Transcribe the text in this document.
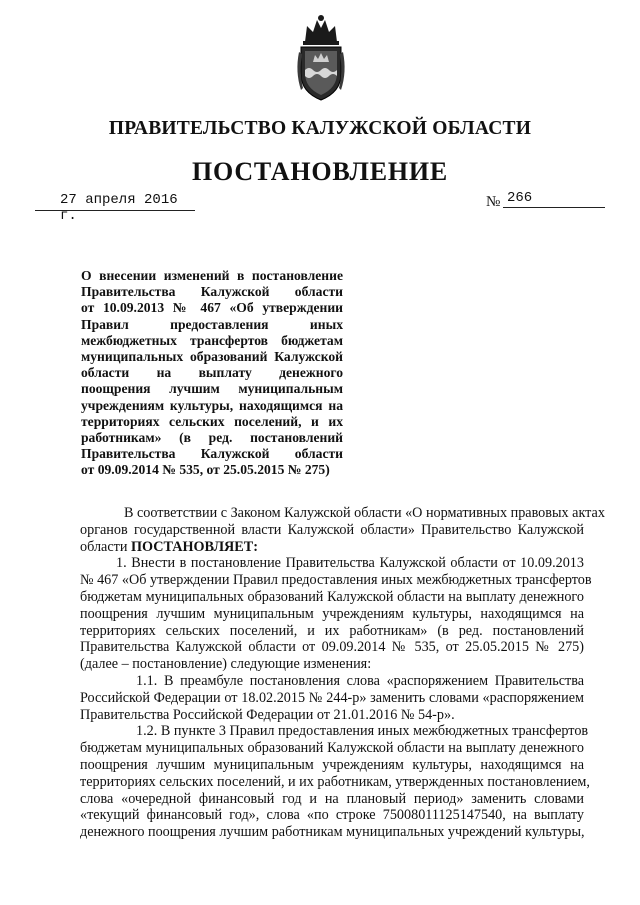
ПРАВИТЕЛЬСТВО КАЛУЖСКОЙ ОБЛАСТИ
ПОСТАНОВЛЕНИЕ
27 апреля 2016 г.
№ 266
О внесении изменений в постановление
Правительства Калужской области
от 10.09.2013 № 467 «Об утверждении
Правил предоставления иных
межбюджетных трансфертов бюджетам
муниципальных образований Калужской
области на выплату денежного
поощрения лучшим муниципальным
учреждениям культуры, находящимся на
территориях сельских поселений, и их
работникам» (в ред. постановлений
Правительства Калужской области
от 09.09.2014 № 535, от 25.05.2015 № 275)
В соответствии с Законом Калужской области «О нормативных правовых актах
органов государственной власти Калужской области» Правительство Калужской
области ПОСТАНОВЛЯЕТ:
1. Внести в постановление Правительства Калужской области от 10.09.2013
№ 467 «Об утверждении Правил предоставления иных межбюджетных трансфертов
бюджетам муниципальных образований Калужской области на выплату денежного
поощрения лучшим муниципальным учреждениям культуры, находящимся на
территориях сельских поселений, и их работникам» (в ред. постановлений
Правительства Калужской области от 09.09.2014 № 535, от 25.05.2015 № 275)
(далее – постановление) следующие изменения:
1.1. В преамбуле постановления слова «распоряжением Правительства
Российской Федерации от 18.02.2015 № 244-р» заменить словами «распоряжением
Правительства Российской Федерации от 21.01.2016 № 54-р».
1.2. В пункте 3 Правил предоставления иных межбюджетных трансфертов
бюджетам муниципальных образований Калужской области на выплату денежного
поощрения лучшим муниципальным учреждениям культуры, находящимся на
территориях сельских поселений, и их работникам, утвержденных постановлением,
слова «очередной финансовый год и на плановый период» заменить словами
«текущий финансовый год», слова «по строке 75008011125147540, на выплату
денежного поощрения лучшим работникам муниципальных учреждений культуры,
